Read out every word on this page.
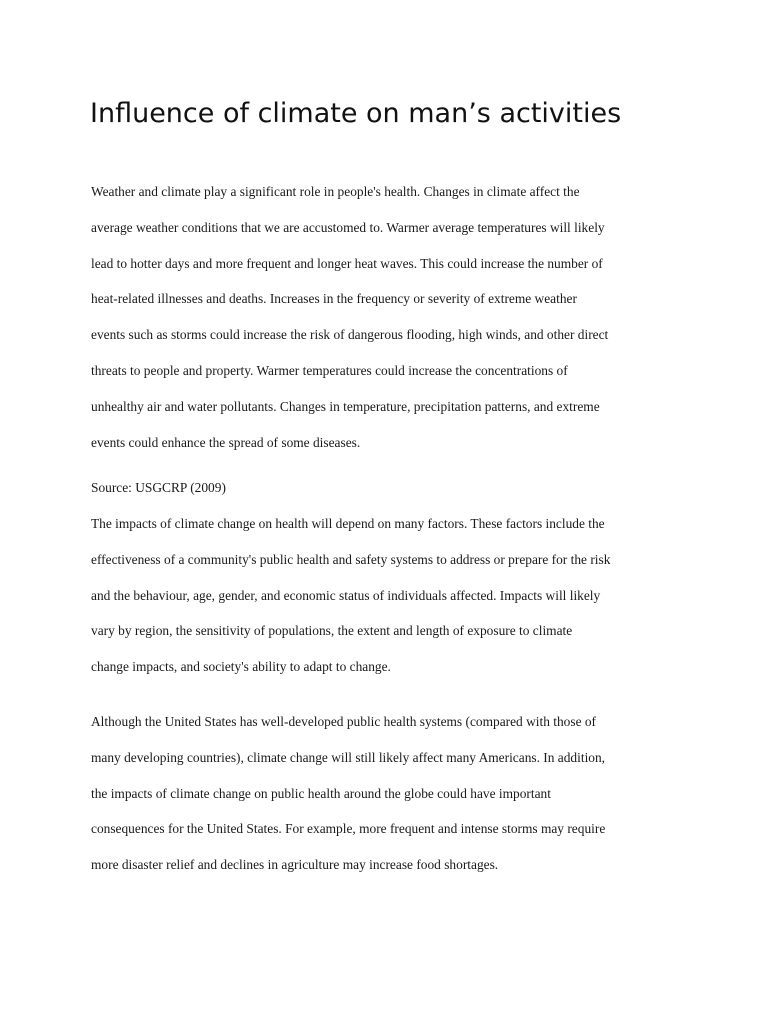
Influence of climate on man’s activities

Weather and climate play a significant role in people's health. Changes in climate affect the
average weather conditions that we are accustomed to. Warmer average temperatures will likely
lead to hotter days and more frequent and longer heat waves. This could increase the number of
heat-related illnesses and deaths. Increases in the frequency or severity of extreme weather
events such as storms could increase the risk of dangerous flooding, high winds, and other direct
threats to people and property. Warmer temperatures could increase the concentrations of
unhealthy air and water pollutants. Changes in temperature, precipitation patterns, and extreme
events could enhance the spread of some diseases.

Source: USGCRP (2009)

The impacts of climate change on health will depend on many factors. These factors include the
effectiveness of a community's public health and safety systems to address or prepare for the risk
and the behaviour, age, gender, and economic status of individuals affected. Impacts will likely
vary by region, the sensitivity of populations, the extent and length of exposure to climate
change impacts, and society's ability to adapt to change.

Although the United States has well-developed public health systems (compared with those of
many developing countries), climate change will still likely affect many Americans. In addition,
the impacts of climate change on public health around the globe could have important
consequences for the United States. For example, more frequent and intense storms may require
more disaster relief and declines in agriculture may increase food shortages.
